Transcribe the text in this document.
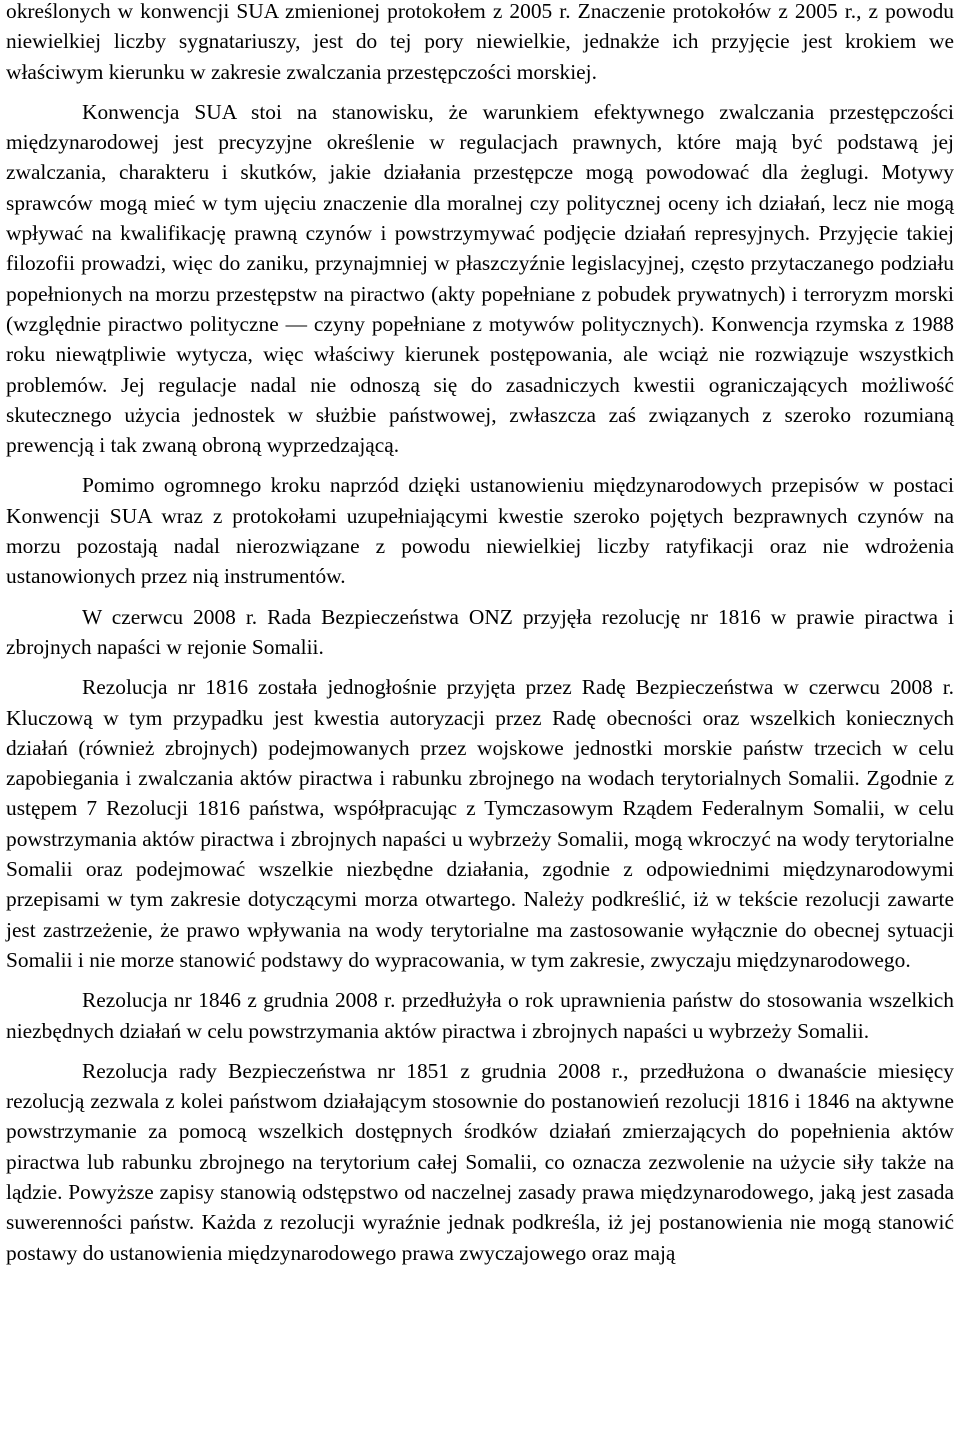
określonych w konwencji SUA zmienionej protokołem z 2005 r. Znaczenie protokołów z 2005 r., z powodu niewielkiej liczby sygnatariuszy, jest do tej pory niewielkie, jednakże ich przyjęcie jest krokiem we właściwym kierunku w zakresie zwalczania przestępczości morskiej.

Konwencja SUA stoi na stanowisku, że warunkiem efektywnego zwalczania przestępczości międzynarodowej jest precyzyjne określenie w regulacjach prawnych, które mają być podstawą jej zwalczania, charakteru i skutków, jakie działania przestępcze mogą powodować dla żeglugi. Motywy sprawców mogą mieć w tym ujęciu znaczenie dla moralnej czy politycznej oceny ich działań, lecz nie mogą wpływać na kwalifikację prawną czynów i powstrzymywać podjęcie działań represyjnych. Przyjęcie takiej filozofii prowadzi, więc do zaniku, przynajmniej w płaszczyźnie legislacyjnej, często przytaczanego podziału popełnionych na morzu przestępstw na piractwo (akty popełniane z pobudek prywatnych) i terroryzm morski (względnie piractwo polityczne — czyny popełniane z motywów politycznych). Konwencja rzymska z 1988 roku niewątpliwie wytycza, więc właściwy kierunek postępowania, ale wciąż nie rozwiązuje wszystkich problemów. Jej regulacje nadal nie odnoszą się do zasadniczych kwestii ograniczających możliwość skutecznego użycia jednostek w służbie państwowej, zwłaszcza zaś związanych z szeroko rozumianą prewencją i tak zwaną obroną wyprzedzającą.

Pomimo ogromnego kroku naprzód dzięki ustanowieniu międzynarodowych przepisów w postaci Konwencji SUA wraz z protokołami uzupełniającymi kwestie szeroko pojętych bezprawnych czynów na morzu pozostają nadal nierozwiązane z powodu niewielkiej liczby ratyfikacji oraz nie wdrożenia ustanowionych przez nią instrumentów.

W czerwcu 2008 r. Rada Bezpieczeństwa ONZ przyjęła rezolucję nr 1816 w prawie piractwa i zbrojnych napaści w rejonie Somalii.

Rezolucja nr 1816 została jednogłośnie przyjęta przez Radę Bezpieczeństwa w czerwcu 2008 r. Kluczową w tym przypadku jest kwestia autoryzacji przez Radę obecności oraz wszelkich koniecznych działań (również zbrojnych) podejmowanych przez wojskowe jednostki morskie państw trzecich w celu zapobiegania i zwalczania aktów piractwa i rabunku zbrojnego na wodach terytorialnych Somalii. Zgodnie z ustępem 7 Rezolucji 1816 państwa, współpracując z Tymczasowym Rządem Federalnym Somalii, w celu powstrzymania aktów piractwa i zbrojnych napaści u wybrzeży Somalii, mogą wkroczyć na wody terytorialne Somalii oraz podejmować wszelkie niezbędne działania, zgodnie z odpowiednimi międzynarodowymi przepisami w tym zakresie dotyczącymi morza otwartego. Należy podkreślić, iż w tekście rezolucji zawarte jest zastrzeżenie, że prawo wpływania na wody terytorialne ma zastosowanie wyłącznie do obecnej sytuacji Somalii i nie morze stanowić podstawy do wypracowania, w tym zakresie, zwyczaju międzynarodowego.

Rezolucja nr 1846 z grudnia 2008 r. przedłużyła o rok uprawnienia państw do stosowania wszelkich niezbędnych działań w celu powstrzymania aktów piractwa i zbrojnych napaści u wybrzeży Somalii.

Rezolucja rady Bezpieczeństwa nr 1851 z grudnia 2008 r., przedłużona o dwanaście miesięcy rezolucją zezwala z kolei państwom działającym stosownie do postanowień rezolucji 1816 i 1846 na aktywne powstrzymanie za pomocą wszelkich dostępnych środków działań zmierzających do popełnienia aktów piractwa lub rabunku zbrojnego na terytorium całej Somalii, co oznacza zezwolenie na użycie siły także na lądzie. Powyższe zapisy stanowią odstępstwo od naczelnej zasady prawa międzynarodowego, jaką jest zasada suwerenności państw. Każda z rezolucji wyraźnie jednak podkreśla, iż jej postanowienia nie mogą stanowić postawy do ustanowienia międzynarodowego prawa zwyczajowego oraz mają
